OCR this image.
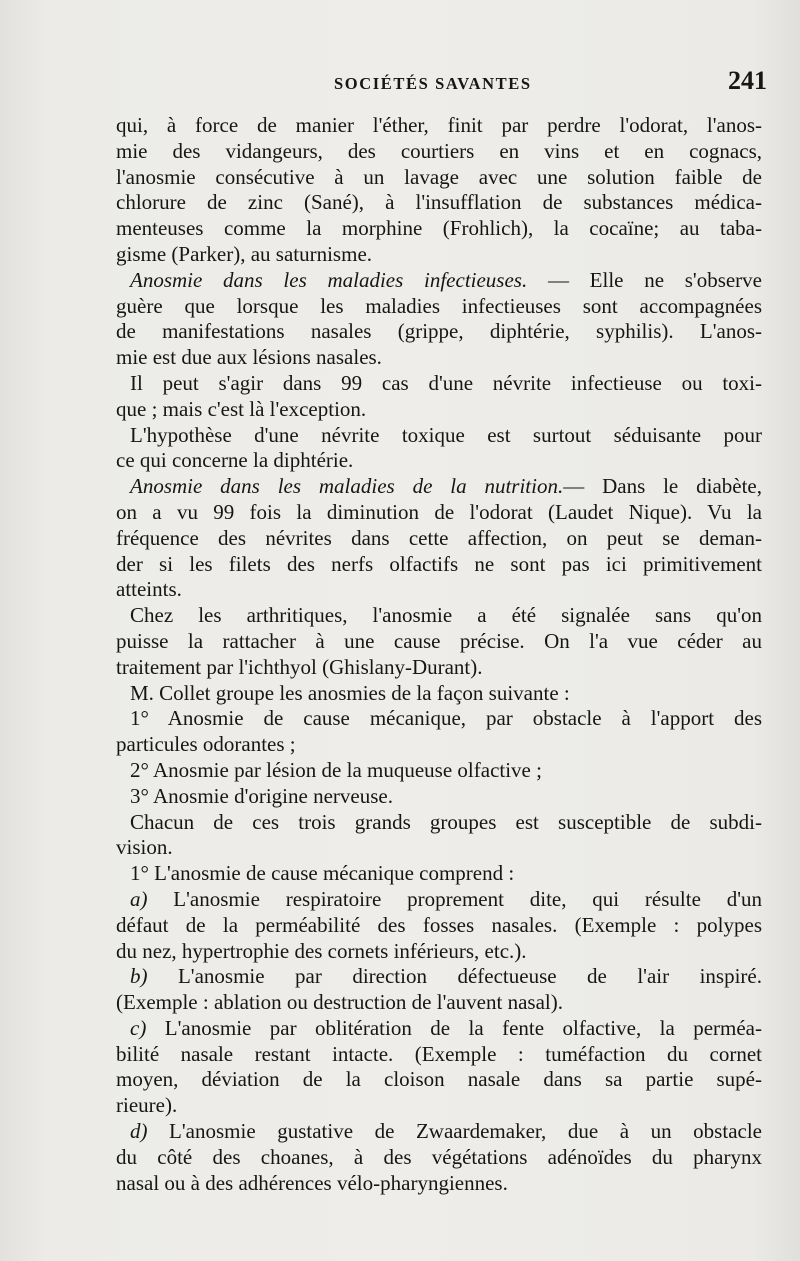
SOCIÉTÉS SAVANTES	241
qui, à force de manier l'éther, finit par perdre l'odorat, l'anos-
mie des vidangeurs, des courtiers en vins et en cognacs,
l'anosmie consécutive à un lavage avec une solution faible de
chlorure de zinc (Sané), à l'insufflation de substances médica-
menteuses comme la morphine (Frohlich), la cocaïne; au taba-
gisme (Parker), au saturnisme.
Anosmie dans les maladies infectieuses. — Elle ne s'observe
guère que lorsque les maladies infectieuses sont accompagnées
de manifestations nasales (grippe, diphtérie, syphilis). L'anos-
mie est due aux lésions nasales.
Il peut s'agir dans 99 cas d'une névrite infectieuse ou toxi-
que ; mais c'est là l'exception.
L'hypothèse d'une névrite toxique est surtout séduisante pour
ce qui concerne la diphtérie.
Anosmie dans les maladies de la nutrition.— Dans le diabète,
on a vu 99 fois la diminution de l'odorat (Laudet Nique). Vu la
fréquence des névrites dans cette affection, on peut se deman-
der si les filets des nerfs olfactifs ne sont pas ici primitivement
atteints.
Chez les arthritiques, l'anosmie a été signalée sans qu'on
puisse la rattacher à une cause précise. On l'a vue céder au
traitement par l'ichthyol (Ghislany-Durant).
M. Collet groupe les anosmies de la façon suivante :
1° Anosmie de cause mécanique, par obstacle à l'apport des
particules odorantes ;
2° Anosmie par lésion de la muqueuse olfactive ;
3° Anosmie d'origine nerveuse.
Chacun de ces trois grands groupes est susceptible de subdi-
vision.
1° L'anosmie de cause mécanique comprend :
a) L'anosmie respiratoire proprement dite, qui résulte d'un
défaut de la perméabilité des fosses nasales. (Exemple : polypes
du nez, hypertrophie des cornets inférieurs, etc.).
b) L'anosmie par direction défectueuse de l'air inspiré.
(Exemple : ablation ou destruction de l'auvent nasal).
c) L'anosmie par oblitération de la fente olfactive, la perméa-
bilité nasale restant intacte. (Exemple : tuméfaction du cornet
moyen, déviation de la cloison nasale dans sa partie supé-
rieure).
d) L'anosmie gustative de Zwaardemaker, due à un obstacle
du côté des choanes, à des végétations adénoïdes du pharynx
nasal ou à des adhérences vélo-pharyngiennes.
